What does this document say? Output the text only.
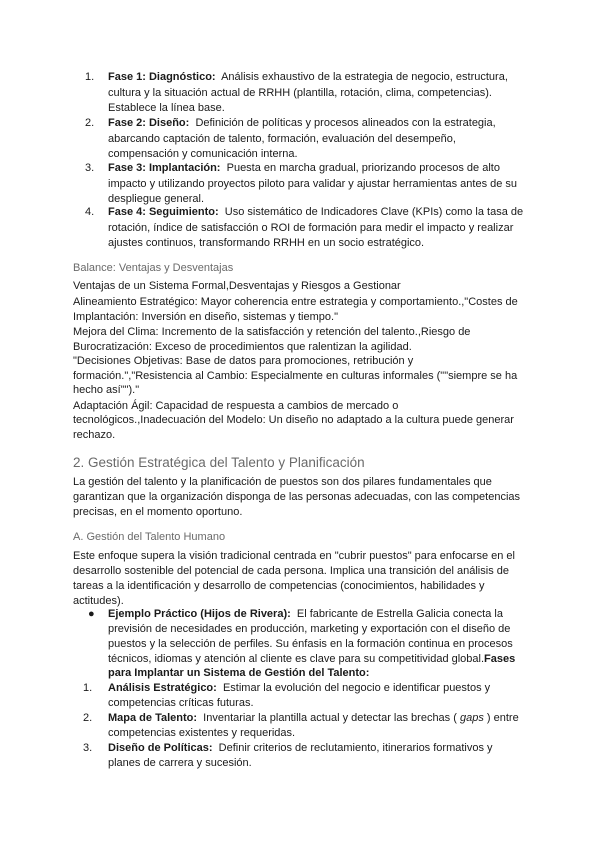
1. Fase 1: Diagnóstico: Análisis exhaustivo de la estrategia de negocio, estructura,

cultura y la situación actual de RRHH (plantilla, rotación, clima, competencias).

Establece la línea base.

2. Fase 2: Diseño: Definición de políticas y procesos alineados con la estrategia,

abarcando captación de talento, formación, evaluación del desempeño,

compensación y comunicación interna.

3. Fase 3: Implantación: Puesta en marcha gradual, priorizando procesos de alto

impacto y utilizando proyectos piloto para validar y ajustar herramientas antes de su

despliegue general.

4. Fase 4: Seguimiento: Uso sistemático de Indicadores Clave (KPIs) como la tasa de

rotación, índice de satisfacción o ROI de formación para medir el impacto y realizar

ajustes continuos, transformando RRHH en un socio estratégico.

Balance: Ventajas y Desventajas

Ventajas de un Sistema Formal,Desventajas y Riesgos a Gestionar

Alineamiento Estratégico: Mayor coherencia entre estrategia y comportamiento.,"Costes de

Implantación: Inversión en diseño, sistemas y tiempo."

Mejora del Clima: Incremento de la satisfacción y retención del talento.,Riesgo de

Burocratización: Exceso de procedimientos que ralentizan la agilidad.

"Decisiones Objetivas: Base de datos para promociones, retribución y

formación.","Resistencia al Cambio: Especialmente en culturas informales (""siempre se ha

hecho así"")."

Adaptación Ágil: Capacidad de respuesta a cambios de mercado o

tecnológicos.,Inadecuación del Modelo: Un diseño no adaptado a la cultura puede generar

rechazo.

2. Gestión Estratégica del Talento y Planificación

La gestión del talento y la planificación de puestos son dos pilares fundamentales que

garantizan que la organización disponga de las personas adecuadas, con las competencias

precisas, en el momento oportuno.

A. Gestión del Talento Humano

Este enfoque supera la visión tradicional centrada en "cubrir puestos" para enfocarse en el

desarrollo sostenible del potencial de cada persona. Implica una transición del análisis de

tareas a la identificación y desarrollo de competencias (conocimientos, habilidades y

actitudes).

● Ejemplo Práctico (Hijos de Rivera): El fabricante de Estrella Galicia conecta la

previsión de necesidades en producción, marketing y exportación con el diseño de

puestos y la selección de perfiles. Su énfasis en la formación continua en procesos

técnicos, idiomas y atención al cliente es clave para su competitividad global.Fases

para Implantar un Sistema de Gestión del Talento:

1. Análisis Estratégico: Estimar la evolución del negocio e identificar puestos y

competencias críticas futuras.

2. Mapa de Talento: Inventariar la plantilla actual y detectar las brechas ( gaps ) entre

competencias existentes y requeridas.

3. Diseño de Políticas: Definir criterios de reclutamiento, itinerarios formativos y

planes de carrera y sucesión.
